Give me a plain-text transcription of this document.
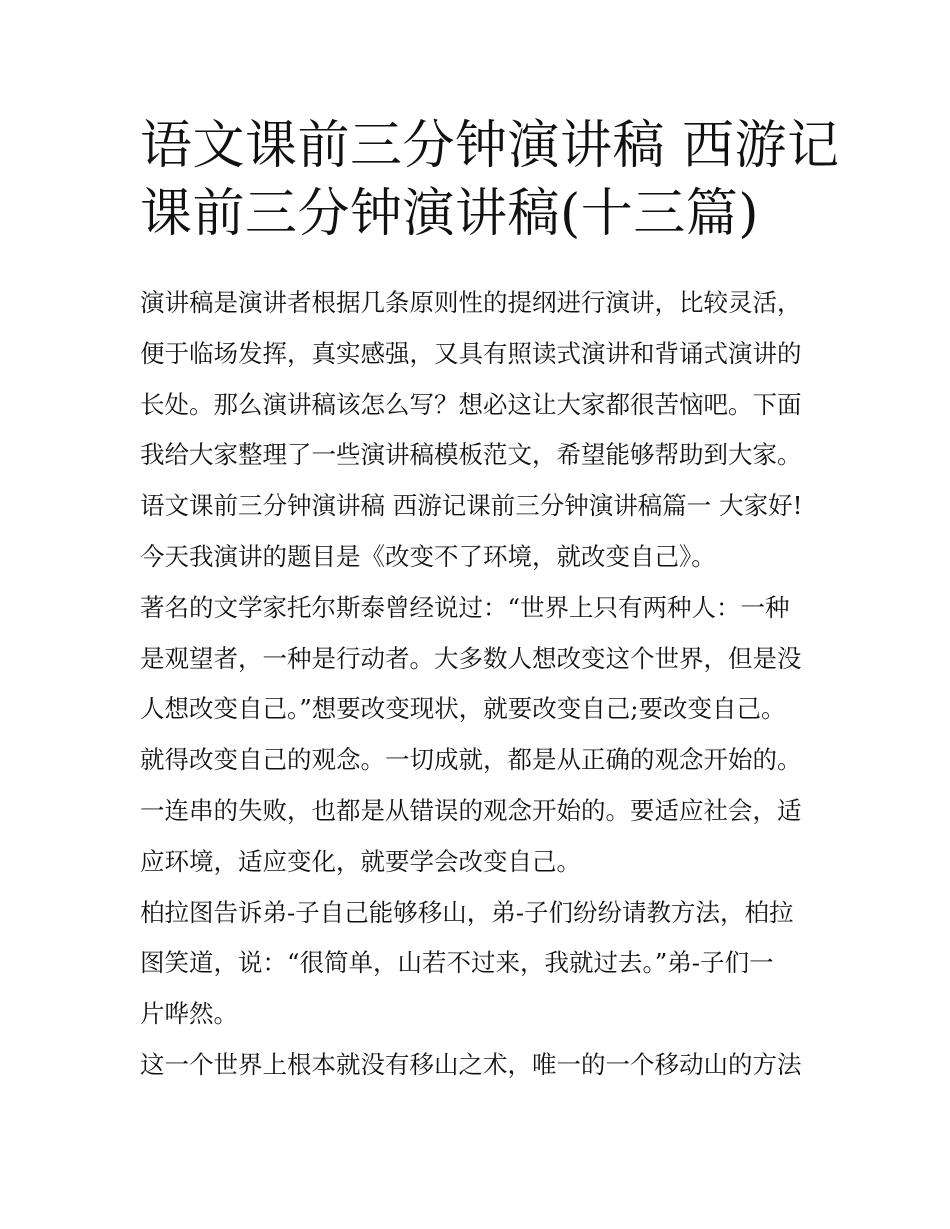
语文课前三分钟演讲稿 西游记
课前三分钟演讲稿(十三篇)
演讲稿是演讲者根据几条原则性的提纲进行演讲，比较灵活，
便于临场发挥，真实感强，又具有照读式演讲和背诵式演讲的
长处。那么演讲稿该怎么写？想必这让大家都很苦恼吧。下面
我给大家整理了一些演讲稿模板范文，希望能够帮助到大家。
语文课前三分钟演讲稿 西游记课前三分钟演讲稿篇一 大家好!
今天我演讲的题目是《改变不了环境，就改变自己》。
著名的文学家托尔斯泰曾经说过：“世界上只有两种人：一种
是观望者，一种是行动者。大多数人想改变这个世界，但是没
人想改变自己。”想要改变现状，就要改变自己;要改变自己。
就得改变自己的观念。一切成就，都是从正确的观念开始的。
一连串的失败，也都是从错误的观念开始的。要适应社会，适
应环境，适应变化，就要学会改变自己。
柏拉图告诉弟-子自己能够移山，弟-子们纷纷请教方法，柏拉
图笑道，说：“很简单，山若不过来，我就过去。”弟-子们一
片哗然。
这一个世界上根本就没有移山之术，唯一的一个移动山的方法
